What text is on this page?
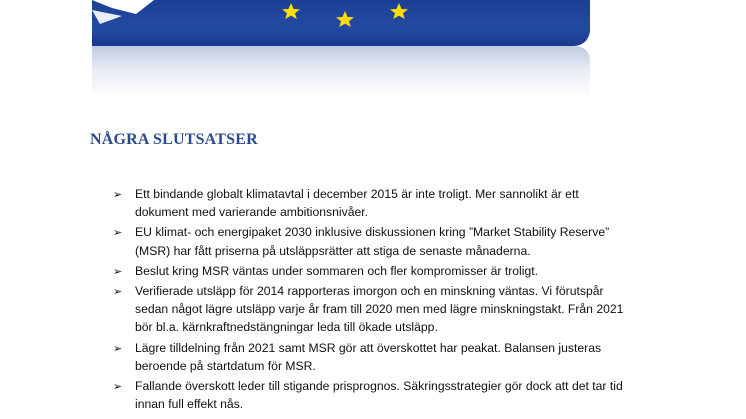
NÅGRA SLUTSATSER
➢ Ett bindande globalt klimatavtal i december 2015 är inte troligt. Mer sannolikt är ett
dokument med varierande ambitionsnivåer.
➢ EU klimat- och energipaket 2030 inklusive diskussionen kring ”Market Stability Reserve”
(MSR) har fått priserna på utsläppsrätter att stiga de senaste månaderna.
➢ Beslut kring MSR väntas under sommaren och fler kompromisser är troligt.
➢ Verifierade utsläpp för 2014 rapporteras imorgon och en minskning väntas. Vi förutspår
sedan något lägre utsläpp varje år fram till 2020 men med lägre minskningstakt. Från 2021
bör bl.a. kärnkraftnedstängningar leda till ökade utsläpp.
➢ Lägre tilldelning från 2021 samt MSR gör att överskottet har peakat. Balansen justeras
beroende på startdatum för MSR.
➢ Fallande överskott leder till stigande prisprognos. Säkringsstrategier gör dock att det tar tid
innan full effekt nås.
